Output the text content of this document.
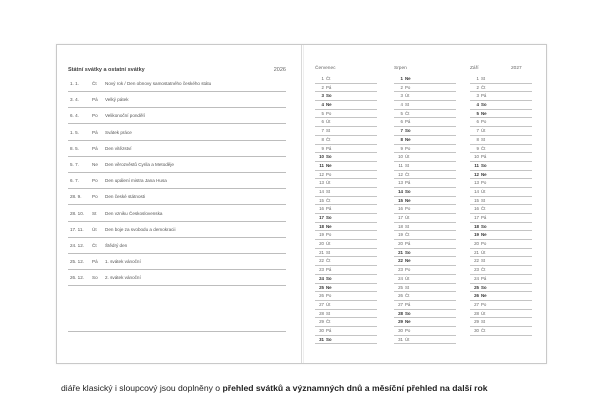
Státní svátky a ostatní svátky	2026	2027
1. 1.	Čt Nový rok / Den obnovy samostatného českého státu
3. 4.	Pá Velký pátek
6. 4.	Po Velikonoční pondělí
1. 5.	Pá Svátek práce
8. 5.	Pá Den vítězství
5. 7.	Ne Den věrozvěstů Cyrila a Metoděje
6. 7.	Po Den upálení mistra Jana Husa
28. 9. Po Den české státnosti
28. 10. St Den vzniku Československa
17. 11. Út Den boje za svobodu a demokracii
24. 12. Čt Štědrý den
25. 12. Pá 1. svátek vánoční
26. 12. So 2. svátek vánoční
Červenec
1 Čt
2 Pá
3 So
4 Ne
5 Po
6 Út
7 St
8 Čt
9 Pá
10 So
11 Ne
12 Po
13 Út
14 St
15 Čt
16 Pá
17 So
18 Ne
19 Po
20 Út
21 St
22 Čt
23 Pá
24 So
25 Ne
26 Po
27 Út
28 St
29 Čt
30 Pá
31 So
Srpen
1 Ne
2 Po
3 Út
4 St
5 Čt
6 Pá
7 So
8 Ne
9 Po
10 Út
11 St
12 Čt
13 Pá
14 So
15 Ne
16 Po
17 Út
18 St
19 Čt
20 Pá
21 So
22 Ne
23 Po
24 Út
25 St
26 Čt
27 Pá
28 So
29 Ne
30 Po
31 Út
Září
1 St
2 Čt
3 Pá
4 So
5 Ne
6 Po
7 Út
8 St
9 Čt
10 Pá
11 So
12 Ne
13 Po
14 Út
15 St
16 Čt
17 Pá
18 So
19 Ne
20 Po
21 Út
22 St
23 Čt
24 Pá
25 So
26 Ne
27 Po
28 Út
29 St
30 Čt
diáře klasický i sloupcový jsou doplněny o přehled svátků a významných dnů a měsíční přehled na další rok
